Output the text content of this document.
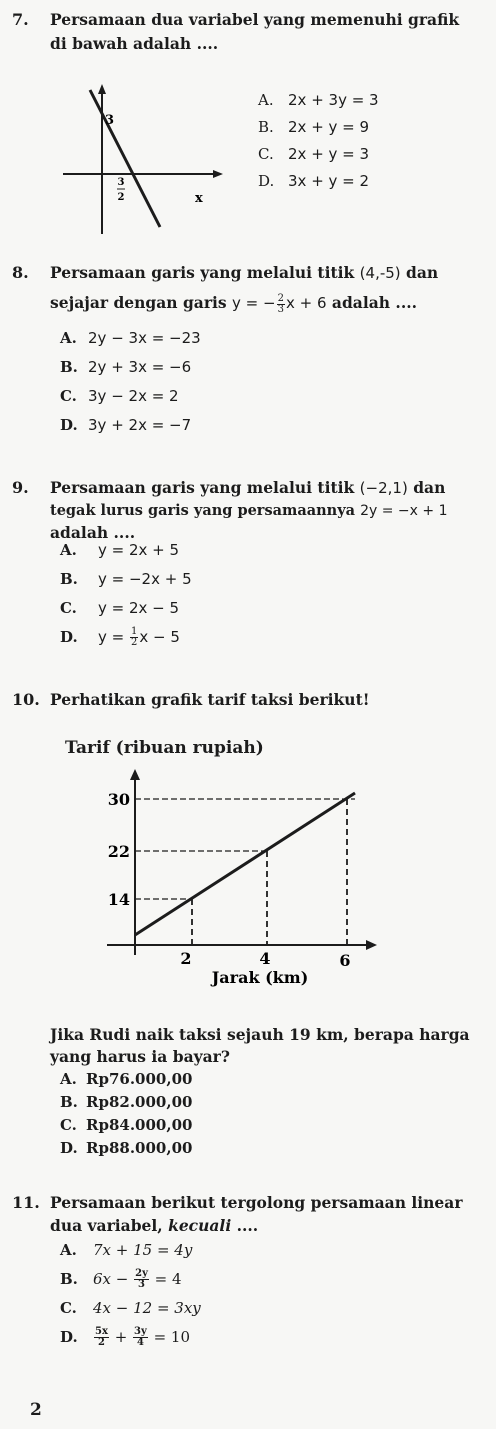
7. Persamaan dua variabel yang memenuhi grafik
di bawah adalah ....
3
3
2	x
A. 2x + 3y = 3
B. 2x + y = 9
C. 2x + y = 3
D. 3x + y = 2
8. Persamaan garis yang melalui titik (4,-5) dan
sejajar dengan garis y = − $\frac{2}{3}$ x + 6 adalah ....
A. 2y − 3x = −23
B. 2y + 3x = −6
C. 3y − 2x = 2
D. 3y + 2x = −7
9. Persamaan garis yang melalui titik (−2,1) dan
tegak lurus garis yang persamaannya 2y = −x + 1
adalah ....
A. y = 2x + 5
B. y = −2x + 5
C. y = 2x − 5
D. $y = \frac{1}{2}$ x − 5
10. Perhatikan grafik tarif taksi berikut!
Tarif (ribuan rupiah)
30
22
14
2	4	6
Jarak (km)
Jika Rudi naik taksi sejauh 19 km, berapa harga
yang harus ia bayar?
A. Rp76.000,00
B. Rp82.000,00
C. Rp84.000,00
D. Rp88.000,00
11. Persamaan berikut tergolong persamaan linear
dua variabel, kecuali ....
A. 7x + 15 = 4y
B. $6x - \frac{2y}{3} = 4$
C. 4x − 12 = 3xy
D. $\frac{5x}{2} + \frac{3y}{4} = 10$
2
